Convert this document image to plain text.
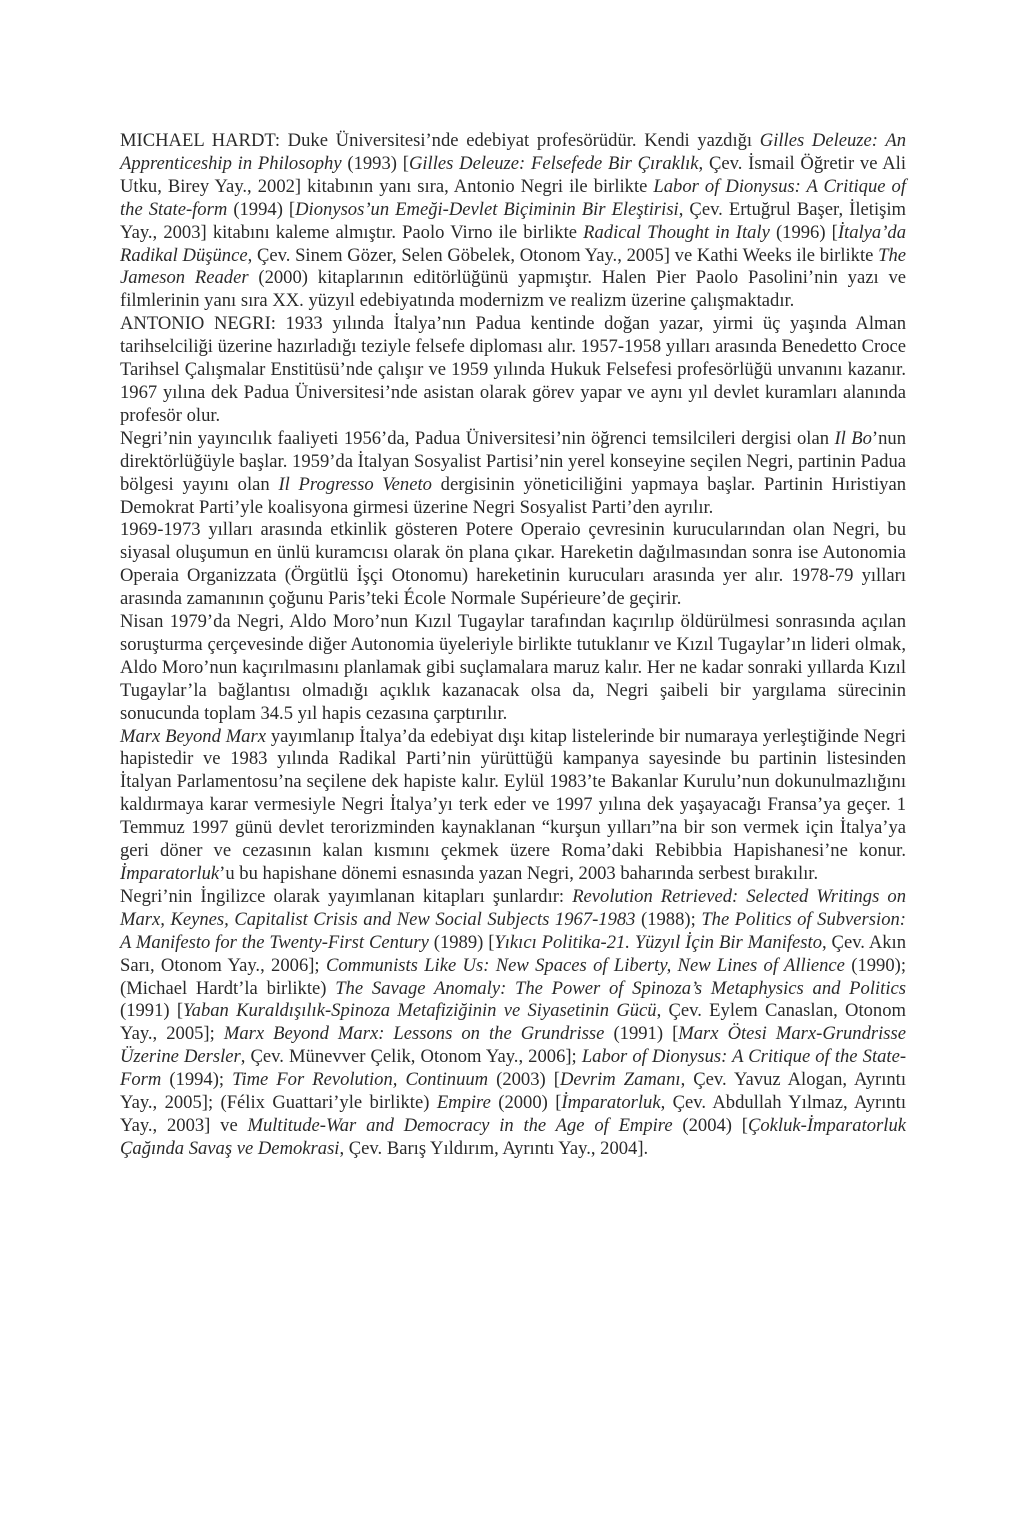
MICHAEL HARDT: Duke Üniversitesi’nde edebiyat profesörüdür. Kendi yazdığı Gilles Deleuze: An Apprenticeship in Philosophy (1993) [Gilles Deleuze: Felsefede Bir Çıraklık, Çev. İsmail Öğretir ve Ali Utku, Birey Yay., 2002] kitabının yanı sıra, Antonio Negri ile birlikte Labor of Dionysus: A Critique of the State-form (1994) [Dionysos’un Emeği-Devlet Biçiminin Bir Eleştirisi, Çev. Ertuğrul Başer, İletişim Yay., 2003] kitabını kaleme almıştır. Paolo Virno ile birlikte Radical Thought in Italy (1996) [İtalya’da Radikal Düşünce, Çev. Sinem Gözer, Selen Göbelek, Otonom Yay., 2005] ve Kathi Weeks ile birlikte The Jameson Reader (2000) kitaplarının editörlüğünü yapmıştır. Halen Pier Paolo Pasolini’nin yazı ve filmlerinin yanı sıra XX. yüzyıl edebiyatında modernizm ve realizm üzerine çalışmaktadır.

ANTONIO NEGRI: 1933 yılında İtalya’nın Padua kentinde doğan yazar, yirmi üç yaşında Alman tarihselciliği üzerine hazırladığı teziyle felsefe diploması alır. 1957-1958 yılları arasında Benedetto Croce Tarihsel Çalışmalar Enstitüsü’nde çalışır ve 1959 yılında Hukuk Felsefesi profesörlüğü unvanını kazanır. 1967 yılına dek Padua Üniversitesi’nde asistan olarak görev yapar ve aynı yıl devlet kuramları alanında profesör olur.

Negri’nin yayıncılık faaliyeti 1956’da, Padua Üniversitesi’nin öğrenci temsilcileri dergisi olan Il Bo’nun direktörlüğüyle başlar. 1959’da İtalyan Sosyalist Partisi’nin yerel konseyine seçilen Negri, partinin Padua bölgesi yayını olan Il Progresso Veneto dergisinin yöneticiliğini yapmaya başlar. Partinin Hıristiyan Demokrat Parti’yle koalisyona girmesi üzerine Negri Sosyalist Parti’den ayrılır.

1969-1973 yılları arasında etkinlik gösteren Potere Operaio çevresinin kurucularından olan Negri, bu siyasal oluşumun en ünlü kuramcısı olarak ön plana çıkar. Hareketin dağılmasından sonra ise Autonomia Operaia Organizzata (Örgütlü İşçi Otonomu) hareketinin kurucuları arasında yer alır. 1978-79 yılları arasında zamanının çoğunu Paris’teki École Normale Supérieure’de geçirir.

Nisan 1979’da Negri, Aldo Moro’nun Kızıl Tugaylar tarafından kaçırılıp öldürülmesi sonrasında açılan soruşturma çerçevesinde diğer Autonomia üyeleriyle birlikte tutuklanır ve Kızıl Tugaylar’ın lideri olmak, Aldo Moro’nun kaçırılmasını planlamak gibi suçlamalara maruz kalır. Her ne kadar sonraki yıllarda Kızıl Tugaylar’la bağlantısı olmadığı açıklık kazanacak olsa da, Negri şaibeli bir yargılama sürecinin sonucunda toplam 34.5 yıl hapis cezasına çarptırılır.

Marx Beyond Marx yayımlanıp İtalya’da edebiyat dışı kitap listelerinde bir numaraya yerleştiğinde Negri hapistedir ve 1983 yılında Radikal Parti’nin yürüttüğü kampanya sayesinde bu partinin listesinden İtalyan Parlamentosu’na seçilene dek hapiste kalır. Eylül 1983’te Bakanlar Kurulu’nun dokunulmazlığını kaldırmaya karar vermesiyle Negri İtalya’yı terk eder ve 1997 yılına dek yaşayacağı Fransa’ya geçer. 1 Temmuz 1997 günü devlet terorizminden kaynaklanan “kurşun yılları”na bir son vermek için İtalya’ya geri döner ve cezasının kalan kısmını çekmek üzere Roma’daki Rebibbia Hapishanesi’ne konur. İmparatorluk’u bu hapishane dönemi esnasında yazan Negri, 2003 baharında serbest bırakılır.

Negri’nin İngilizce olarak yayımlanan kitapları şunlardır: Revolution Retrieved: Selected Writings on Marx, Keynes, Capitalist Crisis and New Social Subjects 1967-1983 (1988); The Politics of Subversion: A Manifesto for the Twenty-First Century (1989) [Yıkıcı Politika-21. Yüzyıl İçin Bir Manifesto, Çev. Akın Sarı, Otonom Yay., 2006]; Communists Like Us: New Spaces of Liberty, New Lines of Allience (1990); (Michael Hardt’la birlikte) The Savage Anomaly: The Power of Spinoza’s Metaphysics and Politics (1991) [Yaban Kuraldışılık-Spinoza Metafiziğinin ve Siyasetinin Gücü, Çev. Eylem Canaslan, Otonom Yay., 2005]; Marx Beyond Marx: Lessons on the Grundrisse (1991) [Marx Ötesi Marx-Grundrisse Üzerine Dersler, Çev. Münevver Çelik, Otonom Yay., 2006]; Labor of Dionysus: A Critique of the State-Form (1994); Time For Revolution, Continuum (2003) [Devrim Zamanı, Çev. Yavuz Alogan, Ayrıntı Yay., 2005]; (Félix Guattari’yle birlikte) Empire (2000) [İmparatorluk, Çev. Abdullah Yılmaz, Ayrıntı Yay., 2003] ve Multitude-War and Democracy in the Age of Empire (2004) [Çokluk-İmparatorluk Çağında Savaş ve Demokrasi, Çev. Barış Yıldırım, Ayrıntı Yay., 2004].
